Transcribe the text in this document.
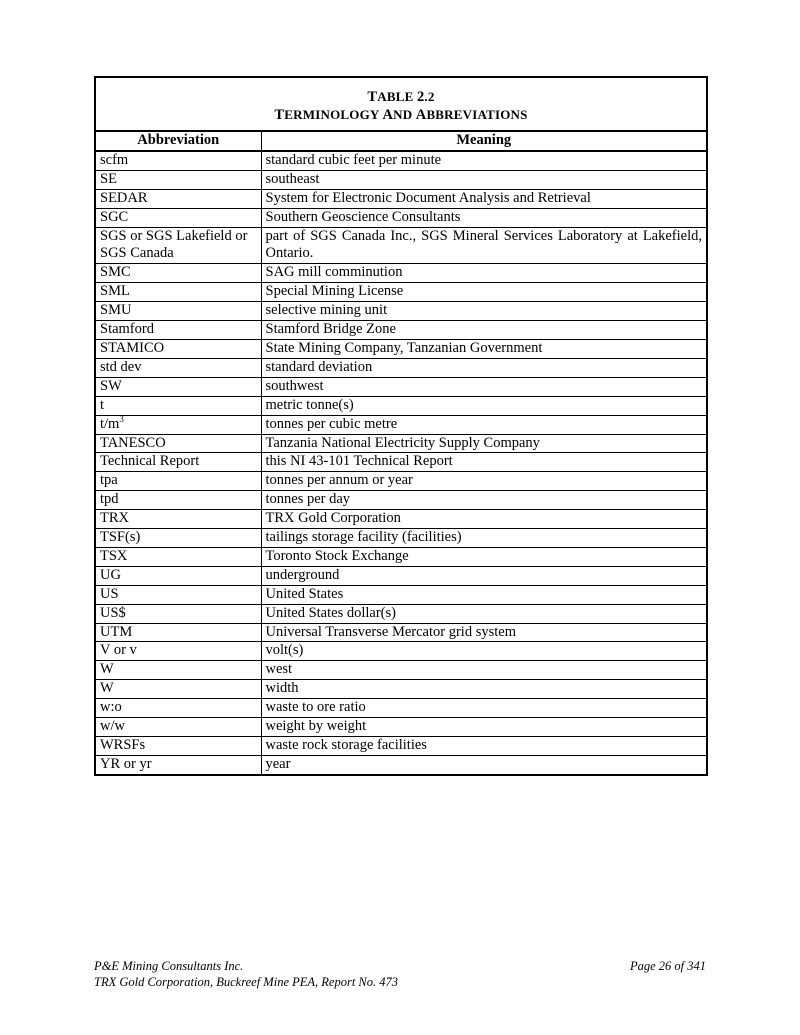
TABLE 2.2
TERMINOLOGY AND ABBREVIATIONS	

Abbreviation	Meaning
scfm	standard cubic feet per minute
SE	southeast
SEDAR	System for Electronic Document Analysis and Retrieval
SGC	Southern Geoscience Consultants
SGS or SGS Lakefield or SGS Canada	part of SGS Canada Inc., SGS Mineral Services Laboratory at Lakefield, Ontario.
SMC	SAG mill comminution
SML	Special Mining License
SMU	selective mining unit
Stamford	Stamford Bridge Zone
STAMICO	State Mining Company, Tanzanian Government
std dev	standard deviation
SW	southwest
t	metric tonne(s)
$t/m^3$	tonnes per cubic metre
TANESCO	Tanzania National Electricity Supply Company
Technical Report	this NI 43-101 Technical Report
tpa	tonnes per annum or year
tpd	tonnes per day
TRX	TRX Gold Corporation
TSF(s)	tailings storage facility (facilities)
TSX	Toronto Stock Exchange
UG	underground
US	United States
US$	United States dollar(s)
UTM	Universal Transverse Mercator grid system
V or v	volt(s)
W	west
W	width
w:o	waste to ore ratio
w/w	weight by weight
WRSFs	waste rock storage facilities
YR or yr	year
P&E Mining Consultants Inc.
TRX Gold Corporation, Buckreef Mine PEA, Report No. 473
Page 26 of 341
